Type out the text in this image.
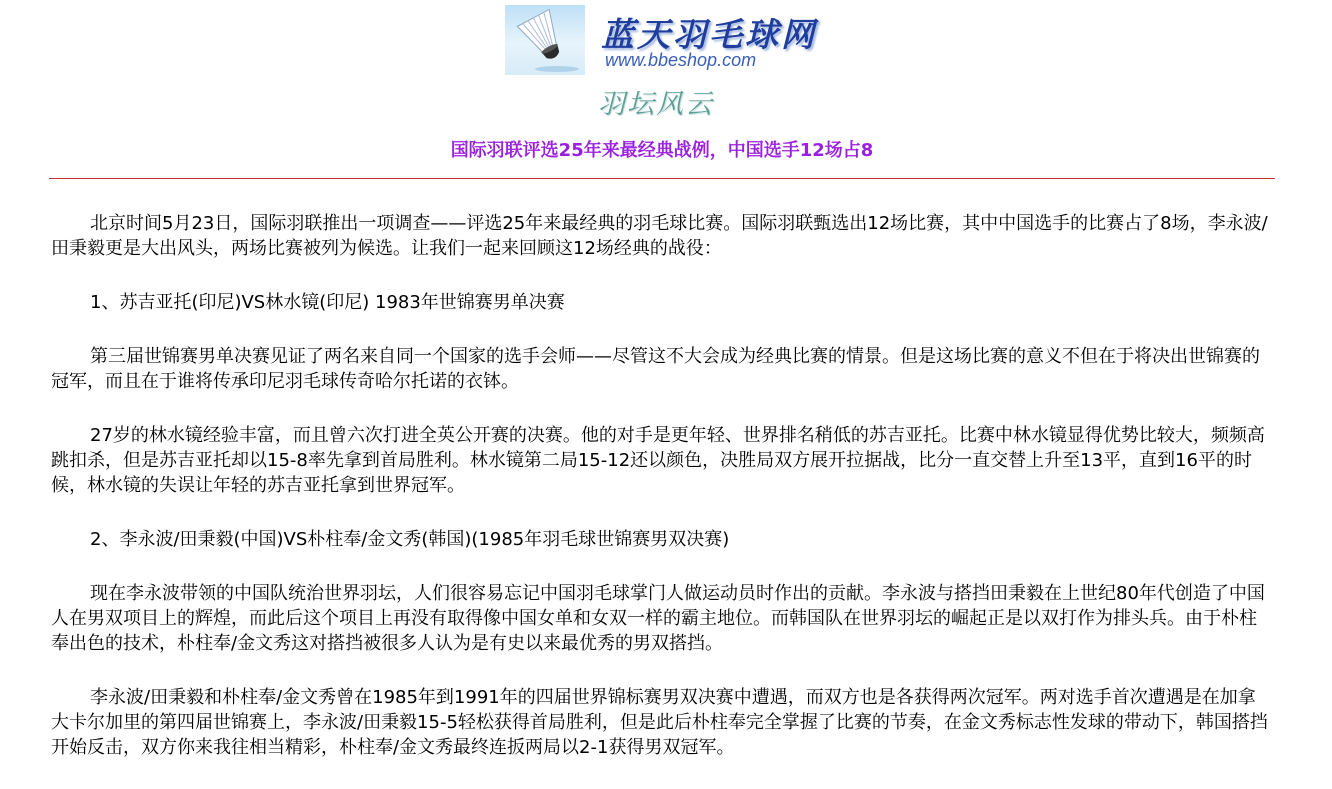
蓝天羽毛球网
www.bbeshop.com
羽坛风云
国际羽联评选25年来最经典战例，中国选手12场占8

北京时间5月23日，国际羽联推出一项调查——评选25年来最经典的羽毛球比赛。国际羽联甄选出12场比赛，其中中国选手的比赛占了8场，李永波/田秉毅更是大出风头，两场比赛被列为候选。让我们一起来回顾这12场经典的战役：

1、苏吉亚托(印尼)VS林水镜(印尼) 1983年世锦赛男单决赛

第三届世锦赛男单决赛见证了两名来自同一个国家的选手会师——尽管这不大会成为经典比赛的情景。但是这场比赛的意义不但在于将决出世锦赛的冠军，而且在于谁将传承印尼羽毛球传奇哈尔托诺的衣钵。

27岁的林水镜经验丰富，而且曾六次打进全英公开赛的决赛。他的对手是更年轻、世界排名稍低的苏吉亚托。比赛中林水镜显得优势比较大，频频高跳扣杀，但是苏吉亚托却以15-8率先拿到首局胜利。林水镜第二局15-12还以颜色，决胜局双方展开拉据战，比分一直交替上升至13平，直到16平的时候，林水镜的失误让年轻的苏吉亚托拿到世界冠军。

2、李永波/田秉毅(中国)VS朴柱奉/金文秀(韩国)(1985年羽毛球世锦赛男双决赛)

现在李永波带领的中国队统治世界羽坛，人们很容易忘记中国羽毛球掌门人做运动员时作出的贡献。李永波与搭挡田秉毅在上世纪80年代创造了中国人在男双项目上的辉煌，而此后这个项目上再没有取得像中国女单和女双一样的霸主地位。而韩国队在世界羽坛的崛起正是以双打作为排头兵。由于朴柱奉出色的技术，朴柱奉/金文秀这对搭挡被很多人认为是有史以来最优秀的男双搭挡。

李永波/田秉毅和朴柱奉/金文秀曾在1985年到1991年的四届世界锦标赛男双决赛中遭遇，而双方也是各获得两次冠军。两对选手首次遭遇是在加拿大卡尔加里的第四届世锦赛上，李永波/田秉毅15-5轻松获得首局胜利，但是此后朴柱奉完全掌握了比赛的节奏，在金文秀标志性发球的带动下，韩国搭挡开始反击，双方你来我往相当精彩，朴柱奉/金文秀最终连扳两局以2-1获得男双冠军。
